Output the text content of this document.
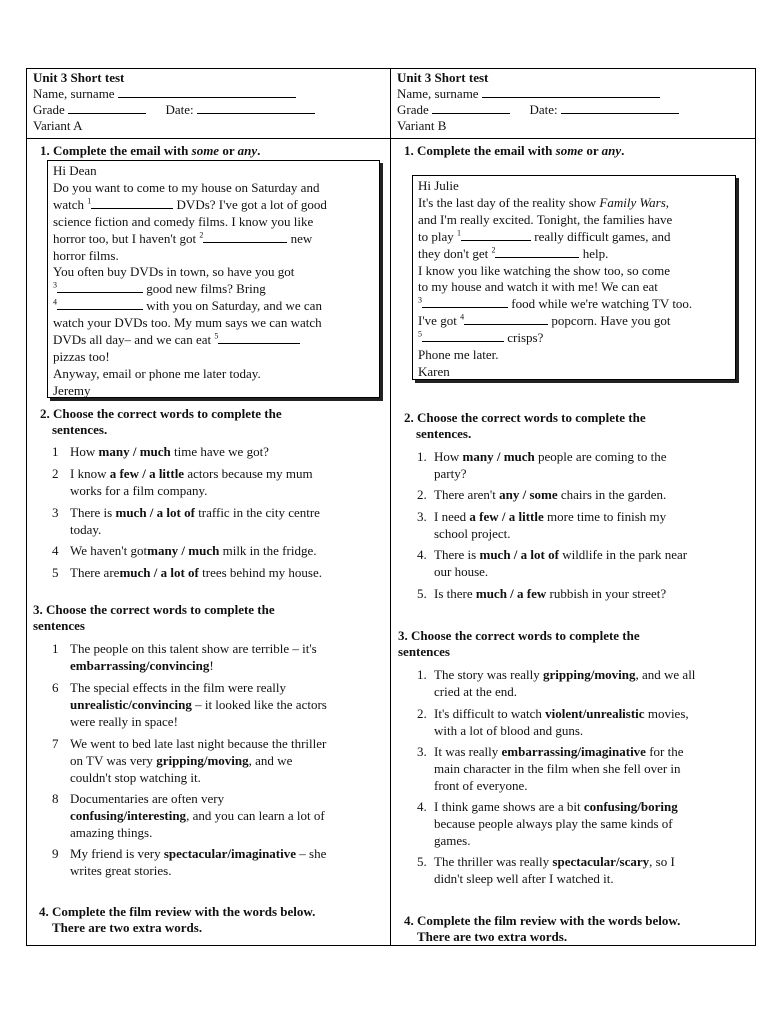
Unit 3 Short test
Name, surname
Grade	Date:
Variant A
1. Complete the email with some or any.
Hi Dean
Do you want to come to my house on Saturday and
watch $^1$	DVDs? I've got a lot of good
science fiction and comedy films. I know you like
horror too, but I haven't got $^2$	new
horror films.
You often buy DVDs in town, so have you got
$^3$	good new films? Bring
$^4$	with you on Saturday, and we can
watch your DVDs too. My mum says we can watch
DVDs all day– and we can eat $^5$
pizzas too!
Anyway, email or phone me later today.
Jeremy
2. Choose the correct words to complete the
sentences.
1 How many / much time have we got?
2 I know a few / a little actors because my mum
works for a film company.
3 There is much / a lot of traffic in the city centre
today.
4 We haven't gotmany / much milk in the fridge.
5 There aremuch / a lot of trees behind my house.
3. Choose the correct words to complete the
sentences
1 The people on this talent show are terrible – it's
embarrassing/convincing!
6 The special effects in the film were really
unrealistic/convincing – it looked like the actors
were really in space!
7 We went to bed late last night because the thriller
on TV was very gripping/moving, and we
couldn't stop watching it.
8 Documentaries are often very
confusing/interesting, and you can learn a lot of
amazing things.
9 My friend is very spectacular/imaginative – she
writes great stories.
4. Complete the film review with the words below.
There are two extra words.
Unit 3 Short test
Name, surname
Grade	Date:
Variant B
1. Complete the email with some or any.
Hi Julie
It's the last day of the reality show Family Wars,
and I'm really excited. Tonight, the families have
to play $^1$	really difficult games, and
they don't get $^2$	help.
I know you like watching the show too, so come
to my house and watch it with me! We can eat
$^3$	food while we're watching TV too.
I've got $^4$	popcorn. Have you got
$^5$	crisps?
Phone me later.
Karen
2. Choose the correct words to complete the
sentences.
1. How many / much people are coming to the
party?
2. There aren't any / some chairs in the garden.
3. I need a few / a little more time to finish my
school project.
4. There is much / a lot of wildlife in the park near
our house.
5. Is there much / a few rubbish in your street?
3. Choose the correct words to complete the
sentences
1. The story was really gripping/moving, and we all
cried at the end.
2. It's difficult to watch violent/unrealistic movies,
with a lot of blood and guns.
3. It was really embarrassing/imaginative for the
main character in the film when she fell over in
front of everyone.
4. I think game shows are a bit confusing/boring
because people always play the same kinds of
games.
5. The thriller was really spectacular/scary, so I
didn't sleep well after I watched it.
4. Complete the film review with the words below.
There are two extra words.
